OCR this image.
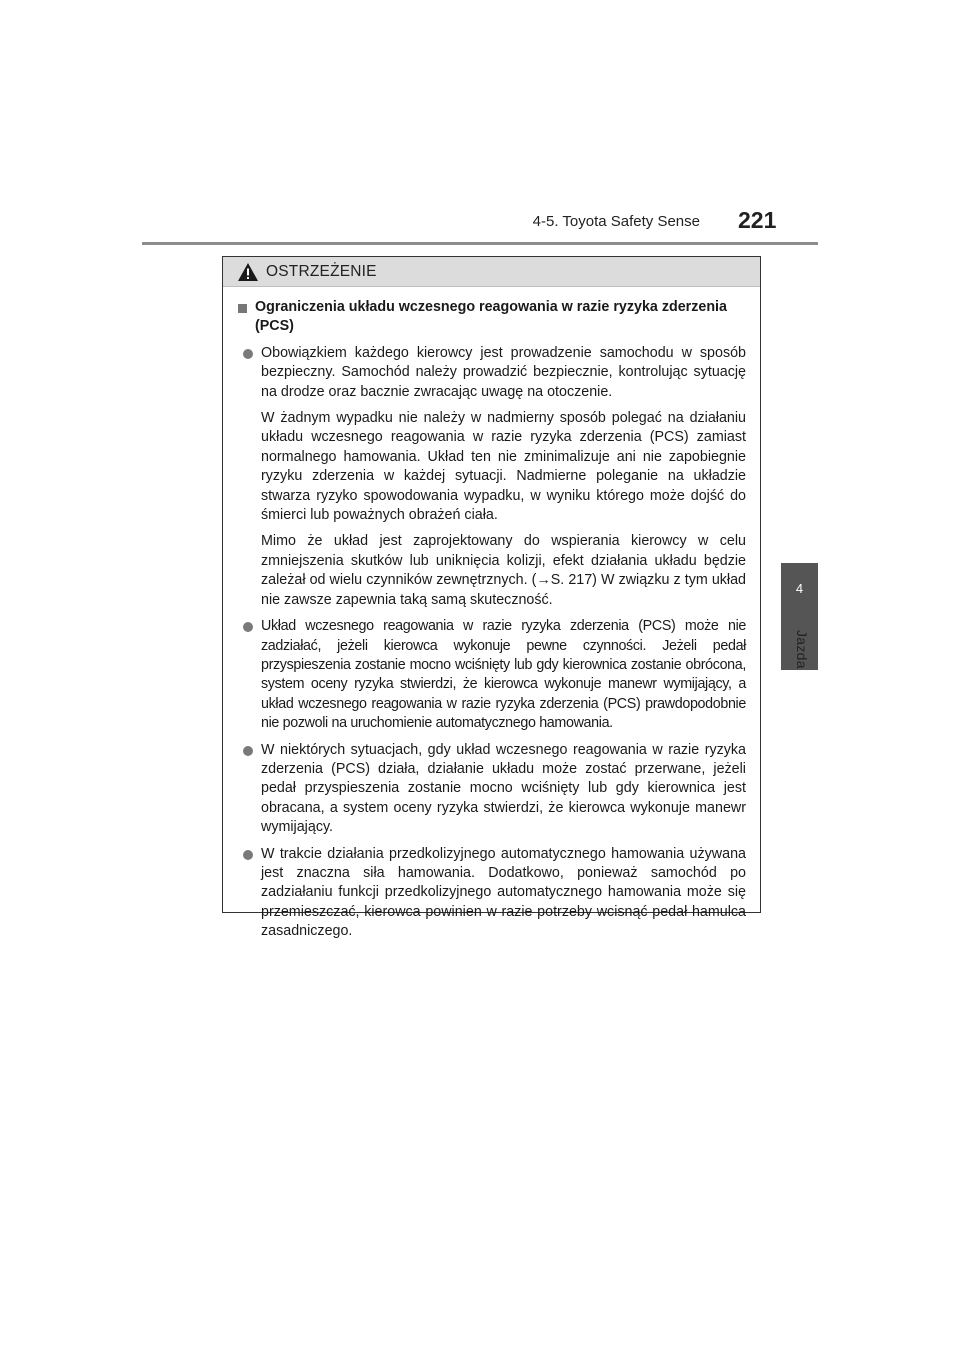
4-5. Toyota Safety Sense 221
4
Jazda
OSTRZEŻENIE
Ograniczenia układu wczesnego reagowania w razie ryzyka zderzenia (PCS)
Obowiązkiem każdego kierowcy jest prowadzenie samochodu w sposób bezpieczny. Samochód należy prowadzić bezpiecznie, kontrolując sytuację na drodze oraz bacznie zwracając uwagę na otoczenie.
W żadnym wypadku nie należy w nadmierny sposób polegać na działaniu układu wczesnego reagowania w razie ryzyka zderzenia (PCS) zamiast normalnego hamowania. Układ ten nie zminimalizuje ani nie zapobiegnie ryzyku zderzenia w każdej sytuacji. Nadmierne poleganie na układzie stwarza ryzyko spowodowania wypadku, w wyniku którego może dojść do śmierci lub poważnych obrażeń ciała.
Mimo że układ jest zaprojektowany do wspierania kierowcy w celu zmniejszenia skutków lub uniknięcia kolizji, efekt działania układu będzie zależał od wielu czynników zewnętrznych. (→S. 217) W związku z tym układ nie zawsze zapewnia taką samą skuteczność.
Układ wczesnego reagowania w razie ryzyka zderzenia (PCS) może nie zadziałać, jeżeli kierowca wykonuje pewne czynności. Jeżeli pedał przyspieszenia zostanie mocno wciśnięty lub gdy kierownica zostanie obrócona, system oceny ryzyka stwierdzi, że kierowca wykonuje manewr wymijający, a układ wczesnego reagowania w razie ryzyka zderzenia (PCS) prawdopodobnie nie pozwoli na uruchomienie automatycznego hamowania.
W niektórych sytuacjach, gdy układ wczesnego reagowania w razie ryzyka zderzenia (PCS) działa, działanie układu może zostać przerwane, jeżeli pedał przyspieszenia zostanie mocno wciśnięty lub gdy kierownica jest obracana, a system oceny ryzyka stwierdzi, że kierowca wykonuje manewr wymijający.
W trakcie działania przedkolizyjnego automatycznego hamowania używana jest znaczna siła hamowania. Dodatkowo, ponieważ samochód po zadziałaniu funkcji przedkolizyjnego automatycznego hamowania może się przemieszczać, kierowca powinien w razie potrzeby wcisnąć pedał hamulca zasadniczego.
